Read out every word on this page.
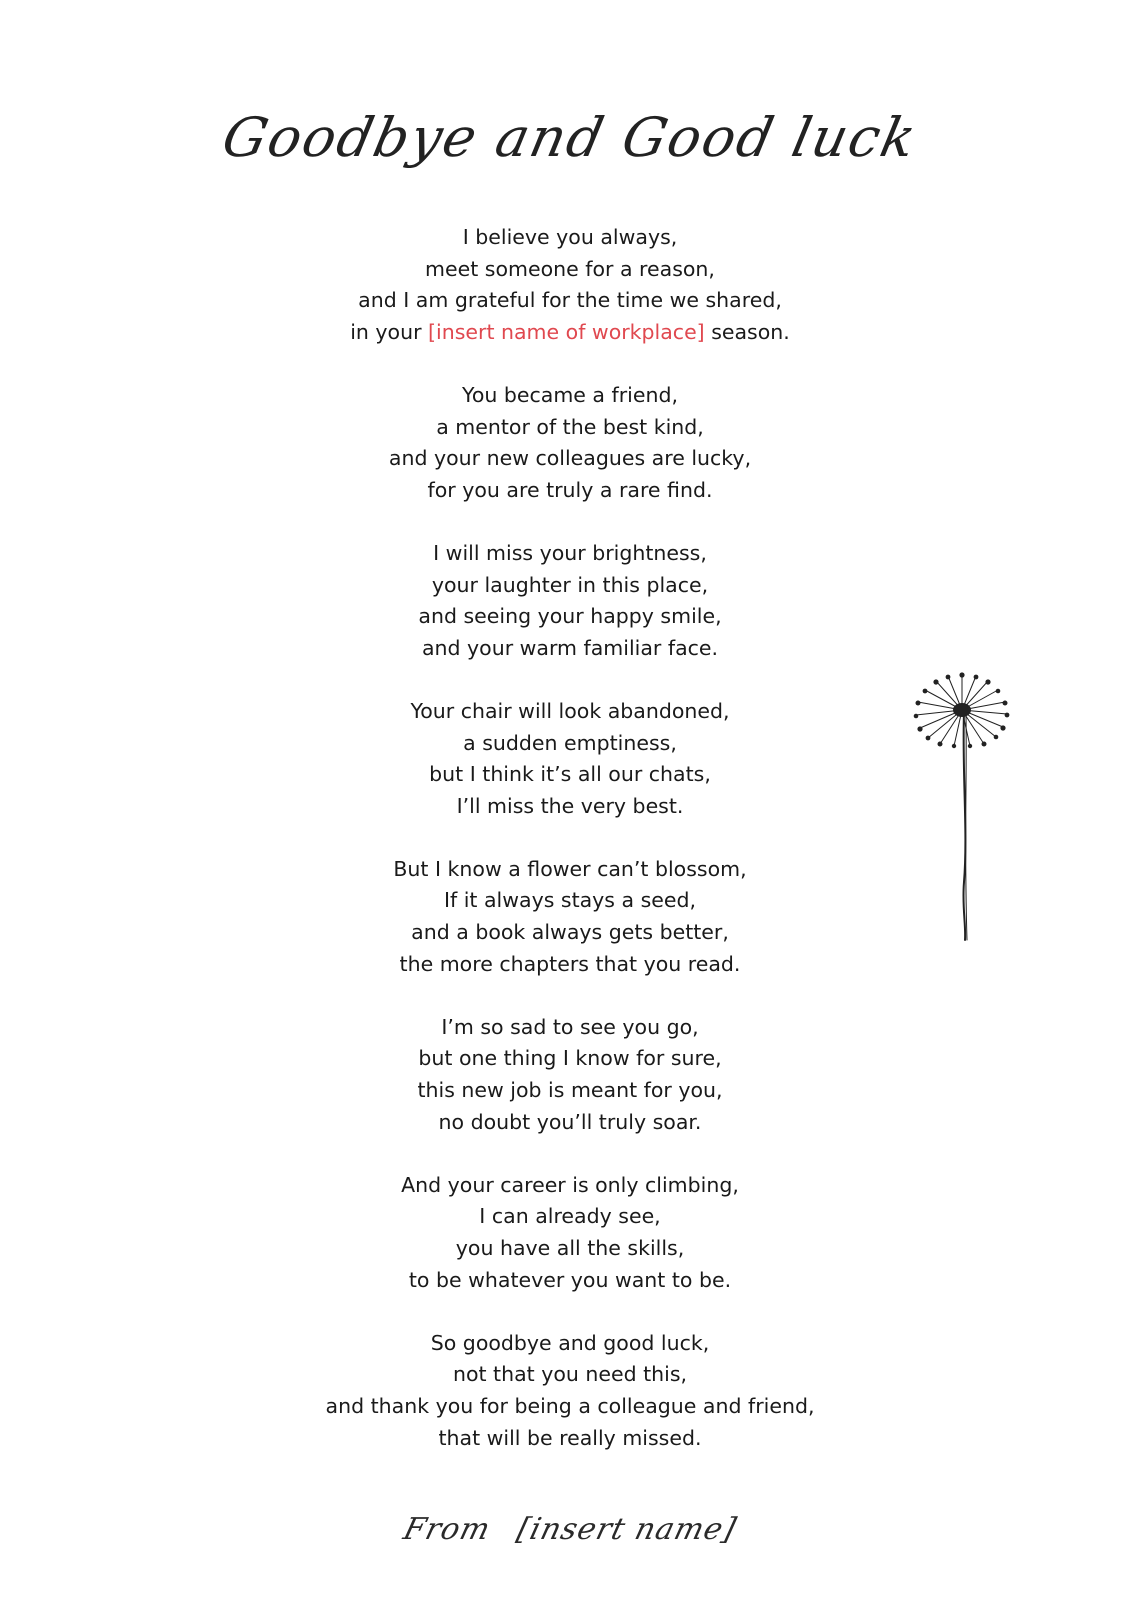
Goodbye and Good luck
I believe you always,
meet someone for a reason,
and I am grateful for the time we shared,
in your [insert name of workplace] season.
You became a friend,
a mentor of the best kind,
and your new colleagues are lucky,
for you are truly a rare find.
I will miss your brightness,
your laughter in this place,
and seeing your happy smile,
and your warm familiar face.
Your chair will look abandoned,
a sudden emptiness,
but I think it’s all our chats,
I’ll miss the very best.
But I know a flower can’t blossom,
If it always stays a seed,
and a book always gets better,
the more chapters that you read.
I’m so sad to see you go,
but one thing I know for sure,
this new job is meant for you,
no doubt you’ll truly soar.
And your career is only climbing,
I can already see,
you have all the skills,
to be whatever you want to be.
So goodbye and good luck,
not that you need this,
and thank you for being a colleague and friend,
that will be really missed.
From [insert name]
